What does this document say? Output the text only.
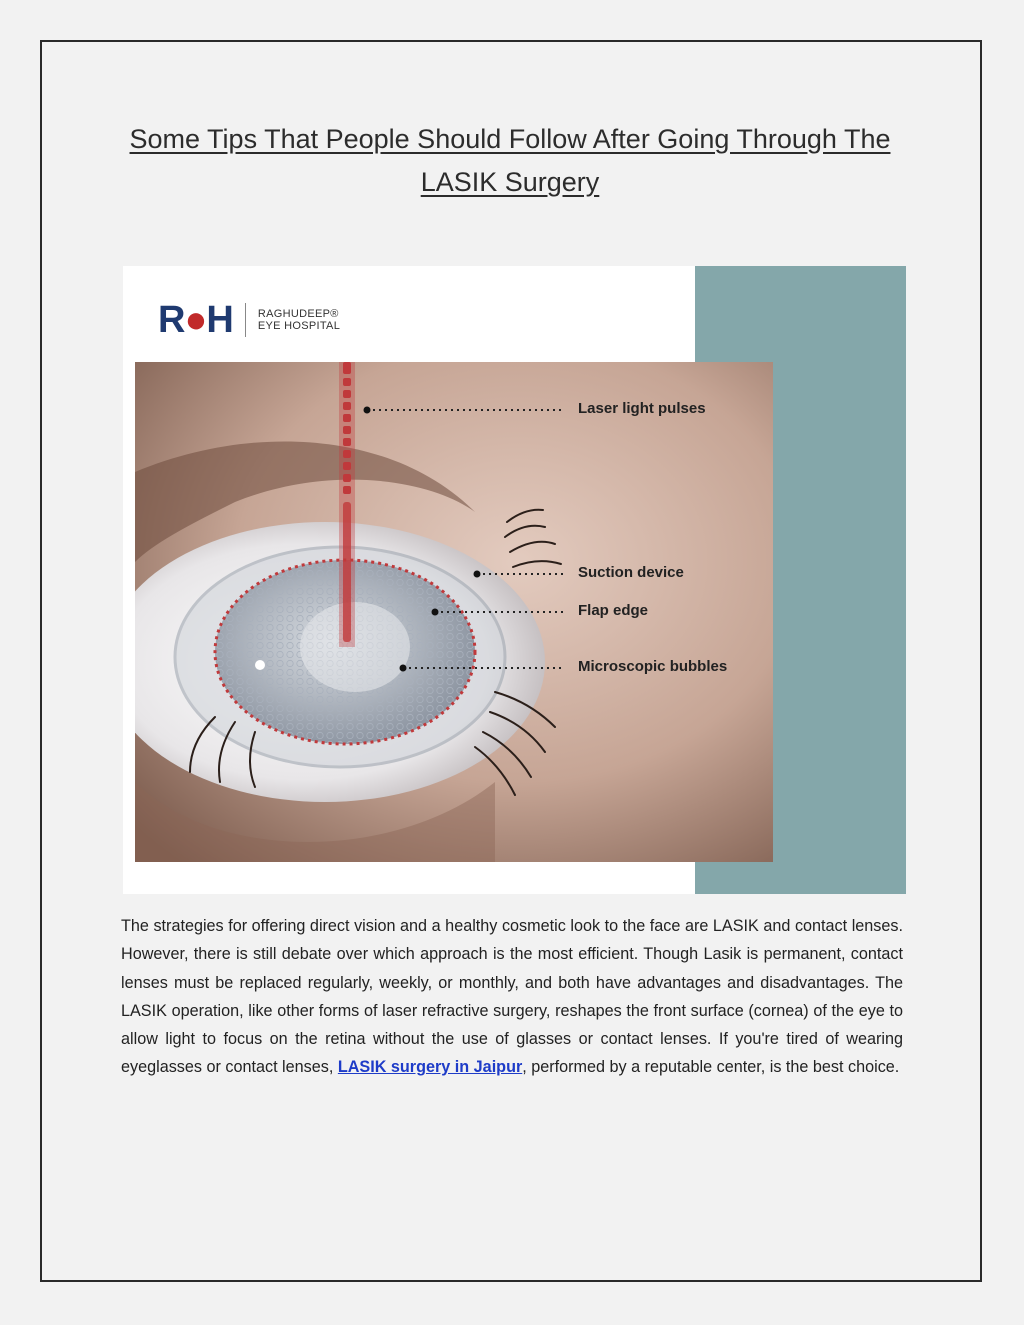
Some Tips That People Should Follow After Going Through The LASIK Surgery
R●H RAGHUDEEP®
EYE HOSPITAL
Laser light pulses
Suction device
Flap edge
Microscopic bubbles
The strategies for offering direct vision and a healthy cosmetic look to the face are LASIK and contact lenses. However, there is still debate over which approach is the most efficient. Though Lasik is permanent, contact lenses must be replaced regularly, weekly, or monthly, and both have advantages and disadvantages. The LASIK operation, like other forms of laser refractive surgery, reshapes the front surface (cornea) of the eye to allow light to focus on the retina without the use of glasses or contact lenses. If you're tired of wearing eyeglasses or contact lenses, LASIK surgery in Jaipur, performed by a reputable center, is the best choice.
